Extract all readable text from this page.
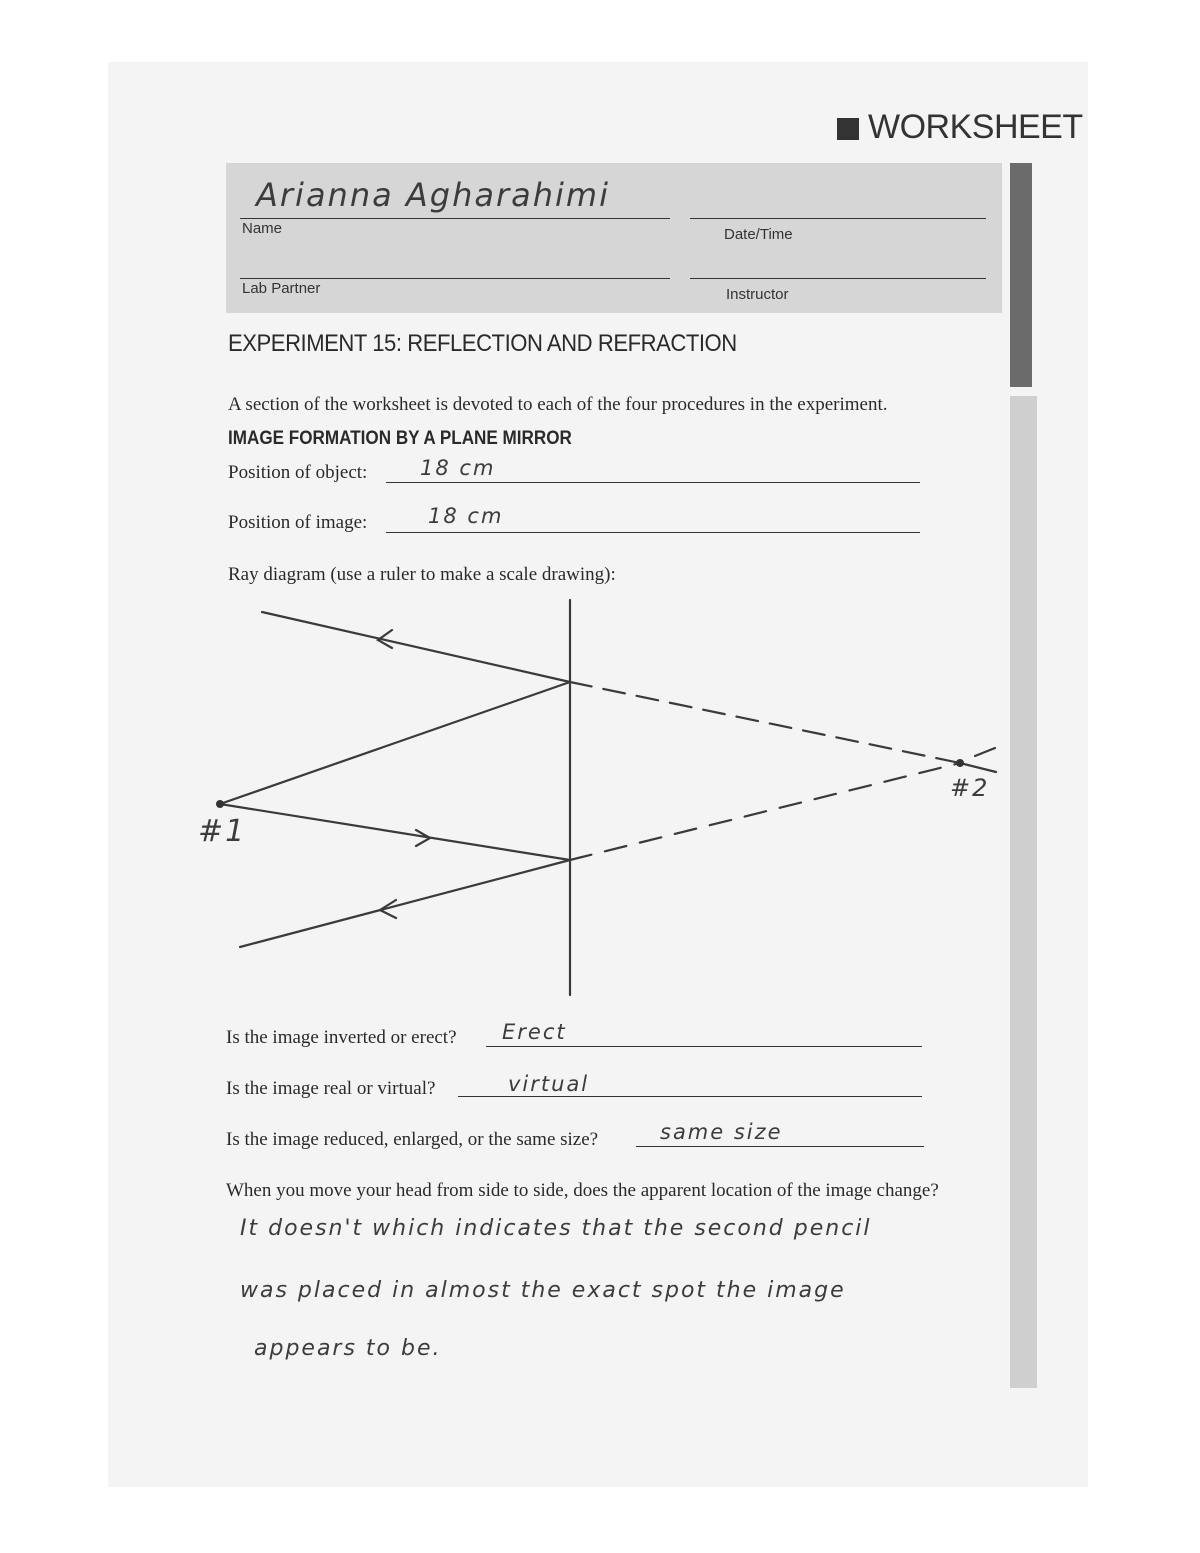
WORKSHEET
Arianna Agharahimi
Name	Date/Time
Lab Partner	Instructor
EXPERIMENT 15: REFLECTION AND REFRACTION
A section of the worksheet is devoted to each of the four procedures in the experiment.
IMAGE FORMATION BY A PLANE MIRROR
Position of object:	18 cm
Position of image:	18 cm
Ray diagram (use a ruler to make a scale drawing):
#1
#2
Is the image inverted or erect? Erect
Is the image real or virtual?	virtual
Is the image reduced, enlarged, or the same size?	same size
When you move your head from side to side, does the apparent location of the image change?
It doesn't which indicates that the second pencil
was placed in almost the exact spot the image
appears to be.
